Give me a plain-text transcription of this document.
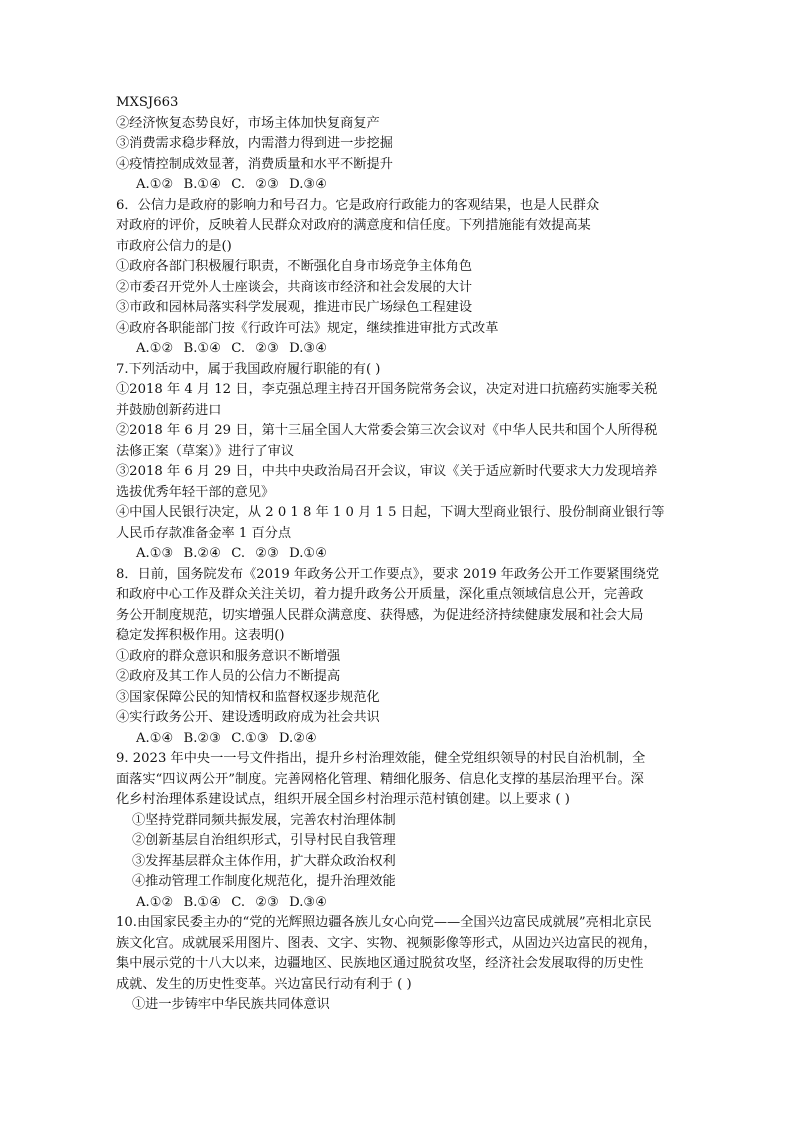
MXSJ663
②经济恢复态势良好，市场主体加快复商复产
③消费需求稳步释放，内需潜力得到进一步挖掘
④疫情控制成效显著，消费质量和水平不断提升
A.①② B.①④ C. ②③ D.③④
6．公信力是政府的影响力和号召力。它是政府行政能力的客观结果，也是人民群众
对政府的评价，反映着人民群众对政府的满意度和信任度。下列措施能有效提高某
市政府公信力的是()
①政府各部门积极履行职责，不断强化自身市场竞争主体角色
②市委召开党外人士座谈会，共商该市经济和社会发展的大计
③市政和园林局落实科学发展观，推进市民广场绿色工程建设
④政府各职能部门按《行政许可法》规定，继续推进审批方式改革
A.①② B.①④ C. ②③ D.③④
7.下列活动中，属于我国政府履行职能的有( )
①2018 年 4 月 12 日，李克强总理主持召开国务院常务会议，决定对进口抗癌药实施零关税
并鼓励创新药进口
②2018 年 6 月 29 日，第十三届全国人大常委会第三次会议对《中华人民共和国个人所得税
法修正案（草案）》进行了审议
③2018 年 6 月 29 日，中共中央政治局召开会议，审议《关于适应新时代要求大力发现培养
选拔优秀年轻干部的意见》
④中国人民银行决定，从 2 0 1 8 年 1 0 月 1 5 日起，下调大型商业银行、股份制商业银行等
人民币存款准备金率 1 百分点
A.①③ B.②④ C. ②③ D.①④
8．日前，国务院发布《2019 年政务公开工作要点》，要求 2019 年政务公开工作要紧围绕党
和政府中心工作及群众关注关切，着力提升政务公开质量，深化重点领域信息公开，完善政
务公开制度规范，切实增强人民群众满意度、获得感，为促进经济持续健康发展和社会大局
稳定发挥积极作用。这表明()
①政府的群众意识和服务意识不断增强
②政府及其工作人员的公信力不断提高
③国家保障公民的知情权和监督权逐步规范化
④实行政务公开、建设透明政府成为社会共识
A.①④ B.②③ C.①③ D.②④
9. 2023 年中央一一号文件指出，提升乡村治理效能，健全党组织领导的村民自治机制，全
面落实“四议两公开”制度。完善网格化管理、精细化服务、信息化支撑的基层治理平台。深
化乡村治理体系建设试点，组织开展全国乡村治理示范村镇创建。以上要求 ( )
①坚持党群同频共振发展，完善农村治理体制
②创新基层自治组织形式，引导村民自我管理
③发挥基层群众主体作用，扩大群众政治权利
④推动管理工作制度化规范化，提升治理效能
A.①② B.①④ C. ②③ D.③④
10.由国家民委主办的“党的光辉照边疆各族儿女心向党——全国兴边富民成就展”亮相北京民
族文化宫。成就展采用图片、图表、文字、实物、视频影像等形式，从固边兴边富民的视角，
集中展示党的十八大以来，边疆地区、民族地区通过脱贫攻坚，经济社会发展取得的历史性
成就、发生的历史性变革。兴边富民行动有利于 ( )
①进一步铸牢中华民族共同体意识
